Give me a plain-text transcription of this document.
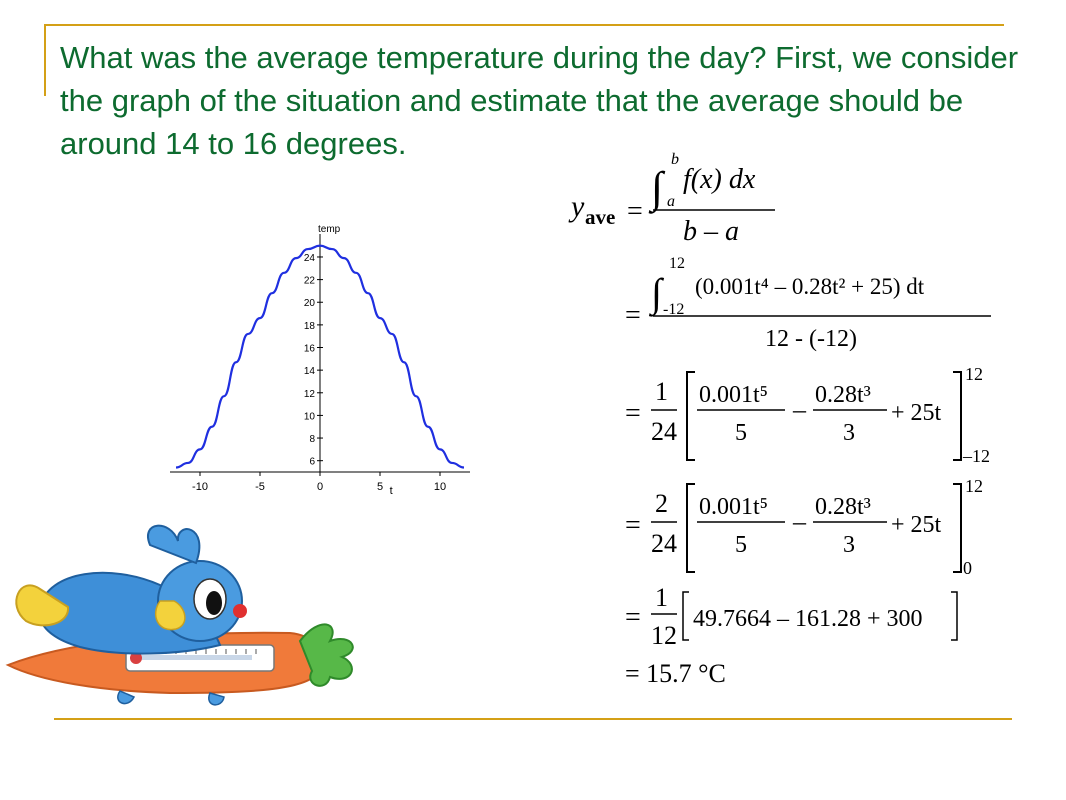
What was the average temperature during the day? First, we consider the graph of the situation and estimate that the average should be around 14 to 16 degrees.
temp
t
-10	-5	0	5	10
6
8
10
12
14
16
18
20
22
24
y ave = ∫
b
a
f(x) dx
b – a
=
∫
12
-12
(0.001t⁴ – 0.28t² + 25) dt
12 - (-12)
=
1
24
0.001t⁵
5
– 0.28t³
3
+ 25t
12
–12
=
2
24
0.001t⁵
5
– 0.28t³
3
+ 25t
12
0
=
1
12
49.7664 – 161.28 + 300
= 15.7 °C
